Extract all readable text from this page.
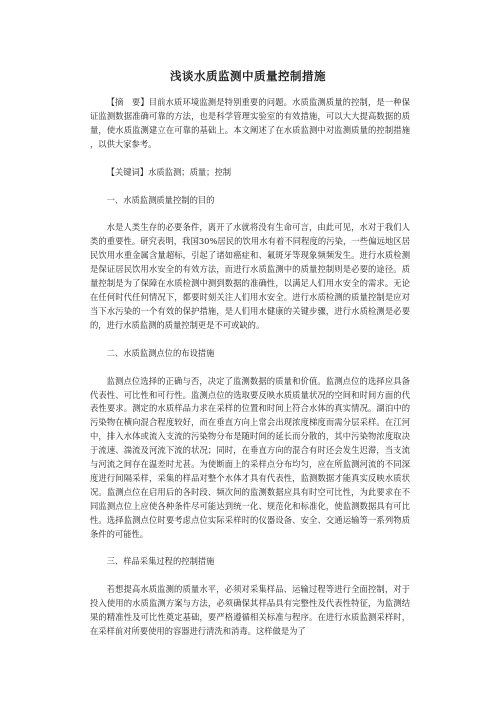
浅谈水质监测中质量控制措施

【摘　要】目前水质环境监测是特别重要的问题。水质监测质量的控制，是一种保证监测数据准确可靠的方法，也是科学管理实验室的有效措施，可以大大提高数据的质量，使水质监测建立在可靠的基础上。本文阐述了在水质监测中对监测质量的控制措施 ，以供大家参考。

【关键词】水质监测；质量；控制

一、水质监测质量控制的目的

水是人类生存的必要条件，离开了水就将没有生命可言，由此可见，水对于我们人类的重要性。研究表明，我国30%居民的饮用水有着不同程度的污染，一些偏远地区居民饮用水重金属含量超标，引起了诸如癌症和、氟斑牙等现象频频发生。进行水质检测是保证居民饮用水安全的有效方法，而进行水质监测中的质量控制则是必要的途径。质量控制是为了保障在水质检测中测到数据的准确性，以满足人们用水安全的需求。无论在任何时代任何情况下，都要时刻关注人们用水安全。进行水质检测的质量控制是应对当下水污染的一个有效的保护措施，是人们用水健康的关键步骤，进行水质检测是必要的，进行水质监测的质量控制更是不可或缺的。

二、水质监测点位的布设措施

监测点位选择的正确与否，决定了监测数据的质量和价值。监测点位的选择应具备代表性、可比性和可行性。监测点位的选取要反映水质质量状况的空间和时间方面的代表性要求。测定的水质样品力求在采样的位置和时间上符合水体的真实情况。湖泊中的污染物在横向混合程度较好，而在垂直方向上常会出现浓度梯度而需分层采样。在江河中，排入水体或流入支流的污染物分布是随时间的延长而分散的，其中污染物浓度取决于流速、湍流及河流下流的状况；同时，在垂直方向的混合有时还会发生迟滞，当支流与河流之间存在温差时尤甚。为使断面上的采样点分布均匀，应在所监测河流的不同深度进行间隔采样，采集的样品对整个水体才具有代表性，监测数据才能真实反映水质状况。监测点位在启用后的各时段、频次间的监测数据应具有时空可比性，为此要求在不同监测点位上应使各种条件尽可能达到统一化、规范化和标准化，使监测数据具有可比性。选择监测点位时要考虑点位实际采样时的仪器设备、安全、交通运输等一系列物质条件的可能性。

三、样品采集过程的控制措施

若想提高水质监测的质量水平，必须对采集样品、运输过程等进行全面控制，对于投入使用的水质监测方案与方法，必须确保其样品具有完整性及代表性特征，为监测结果的精准性及可比性奠定基础，要严格遵循相关标准与程序。在进行水质监测采样时，在采样前对所要使用的容器进行清洗和消毒。这样做是为了
